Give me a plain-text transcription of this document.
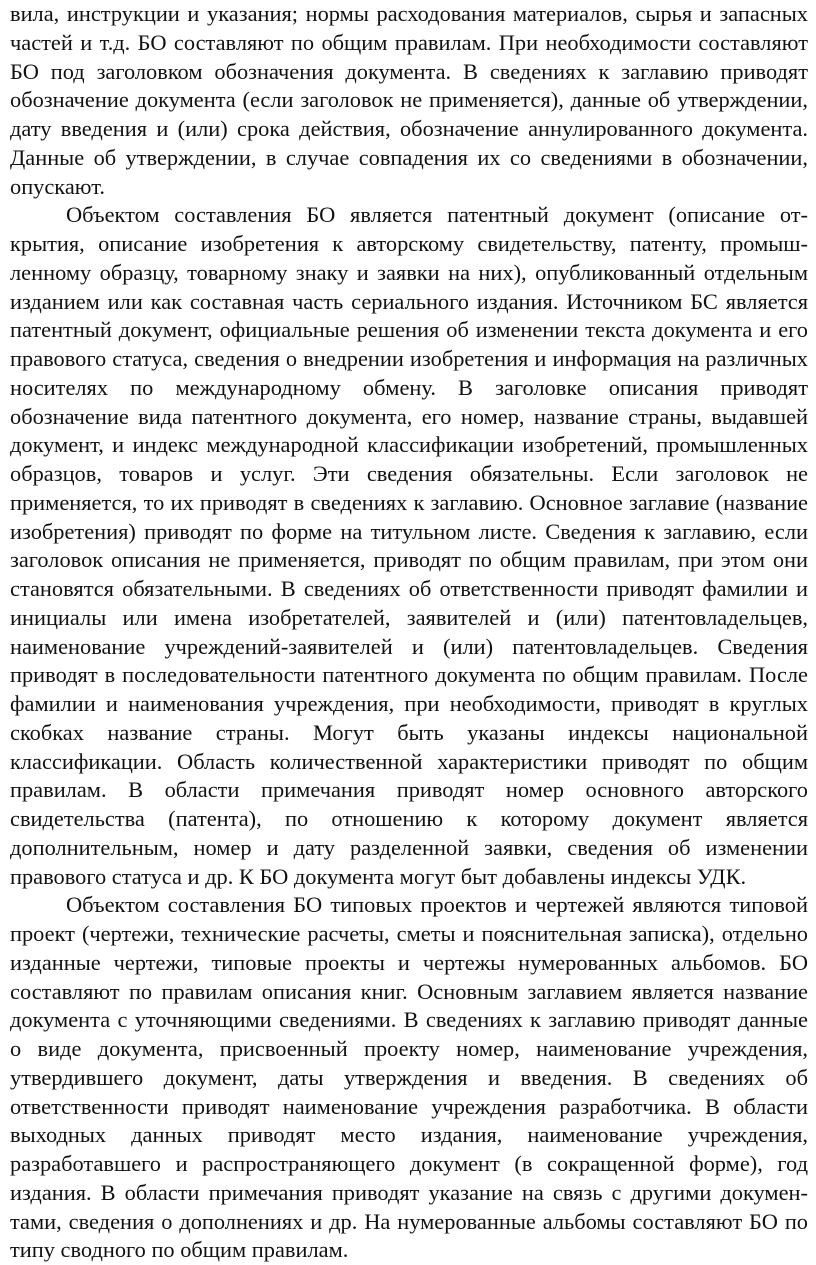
вила, инструкции и указания; нормы расходования материалов, сырья и запасных частей и т.д. БО составляют по общим правилам. При необходимости составляют БО под заголовком обозначения документа. В сведениях к заглавию приводят обозначение документа (если заголовок не применяется), данные об утверждении, дату введения и (или) срока действия, обозначение аннулированного документа. Данные об утверждении, в случае совпадения их со сведениями в обозначении, опускают.

Объектом составления БО является патентный документ (описание открытия, описание изобретения к авторскому свидетельству, патенту, промышленному образцу, товарному знаку и заявки на них), опубликованный отдельным изданием или как составная часть сериального издания. Источником БС является патентный документ, официальные решения об изменении текста документа и его правового статуса, сведения о внедрении изобретения и информация на различных носителях по международному обмену. В заголовке описания приводят обозначение вида патентного документа, его номер, название страны, выдавшей документ, и индекс международной классификации изобретений, промышленных образцов, товаров и услуг. Эти сведения обязательны. Если заголовок не применяется, то их приводят в сведениях к заглавию. Основное заглавие (название изобретения) приводят по форме на титульном листе. Сведения к заглавию, если заголовок описания не применяется, приводят по общим правилам, при этом они становятся обязательными. В сведениях об ответственности приводят фамилии и инициалы или имена изобретателей, заявителей и (или) патентовладельцев, наименование учреждений-заявителей и (или) патентовладельцев. Сведения приводят в последовательности патентного документа по общим правилам. После фамилии и наименования учреждения, при необходимости, приводят в круглых скобках название страны. Могут быть указаны индексы национальной классификации. Область количественной характеристики приводят по общим правилам. В области примечания приводят номер основного авторского свидетельства (патента), по отношению к которому документ является дополнительным, номер и дату разделенной заявки, сведения об изменении правового статуса и др. К БО документа могут быт добавлены индексы УДК.

Объектом составления БО типовых проектов и чертежей являются типовой проект (чертежи, технические расчеты, сметы и пояснительная записка), отдельно изданные чертежи, типовые проекты и чертежы нумерованных альбомов. БО составляют по правилам описания книг. Основным заглавием является название документа с уточняющими сведениями. В сведениях к заглавию приводят данные о виде документа, присвоенный проекту номер, наименование учреждения, утвердившего документ, даты утверждения и введения. В сведениях об ответственности приводят наименование учреждения разработчика. В области выходных данных приводят место издания, наименование учреждения, разработавшего и распространяющего документ (в сокращенной форме), год издания. В области примечания приводят указание на связь с другими документами, сведения о дополнениях и др. На нумерованные альбомы составляют БО по типу сводного по общим правилам.
